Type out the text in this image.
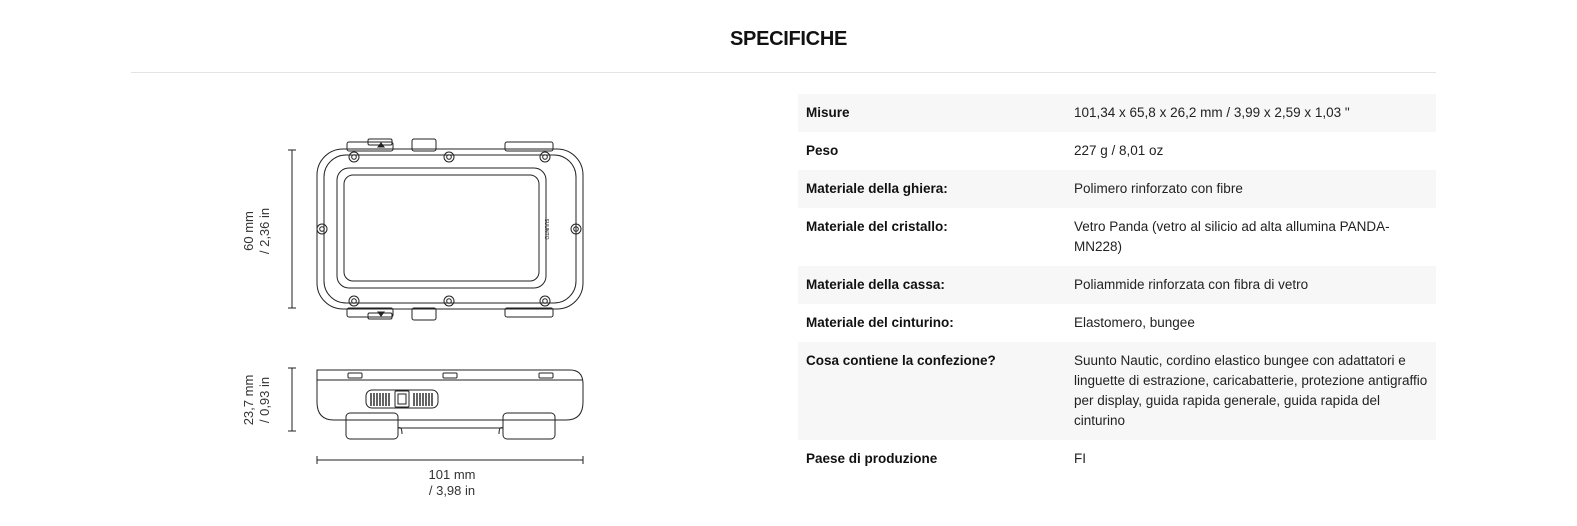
SPECIFICHE
SUUNTO
60 mm / 2,36 in
23,7 mm / 0,93 in
101 mm
/ 3,98 in
Misure	101,34 x 65,8 x 26,2 mm / 3,99 x 2,59 x 1,03 "
Peso	227 g / 8,01 oz
Materiale della ghiera:	Polimero rinforzato con fibre
Materiale del cristallo:	Vetro Panda (vetro al silicio ad alta allumina PANDA-MN228)
Materiale della cassa:	Poliammide rinforzata con fibra di vetro
Materiale del cinturino:	Elastomero, bungee
Cosa contiene la confezione?	Suunto Nautic, cordino elastico bungee con adattatori e linguette di estrazione, caricabatterie, protezione antigraffio per display, guida rapida generale, guida rapida del cinturino
Paese di produzione	FI
